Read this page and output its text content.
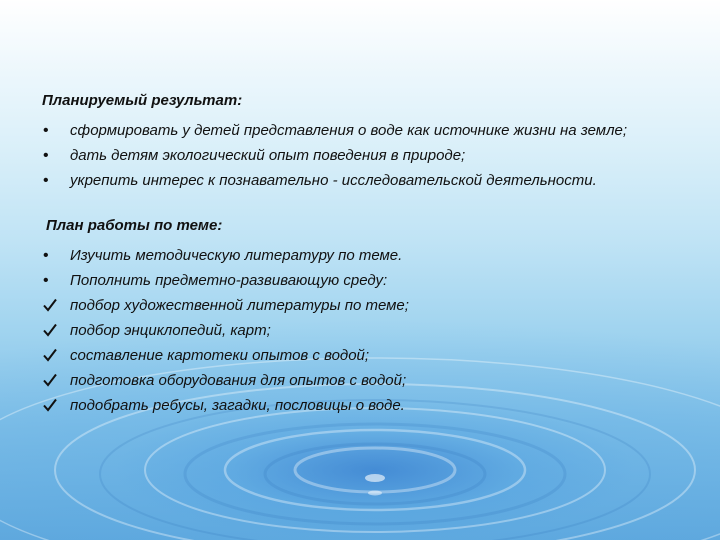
Планируемый результат:
•	сформировать у детей представления о воде как источнике жизни на земле;
•	дать детям экологический опыт поведения в природе;
•	укрепить интерес к познавательно - исследовательской деятельности.
План работы по теме:
•	Изучить методическую литературу по теме.
•	Пополнить предметно-развивающую среду:
подбор художественной литературы по теме;
подбор энциклопедий, карт;
составление картотеки опытов с водой;
подготовка оборудования для опытов с водой;
подобрать ребусы, загадки, пословицы о воде.
